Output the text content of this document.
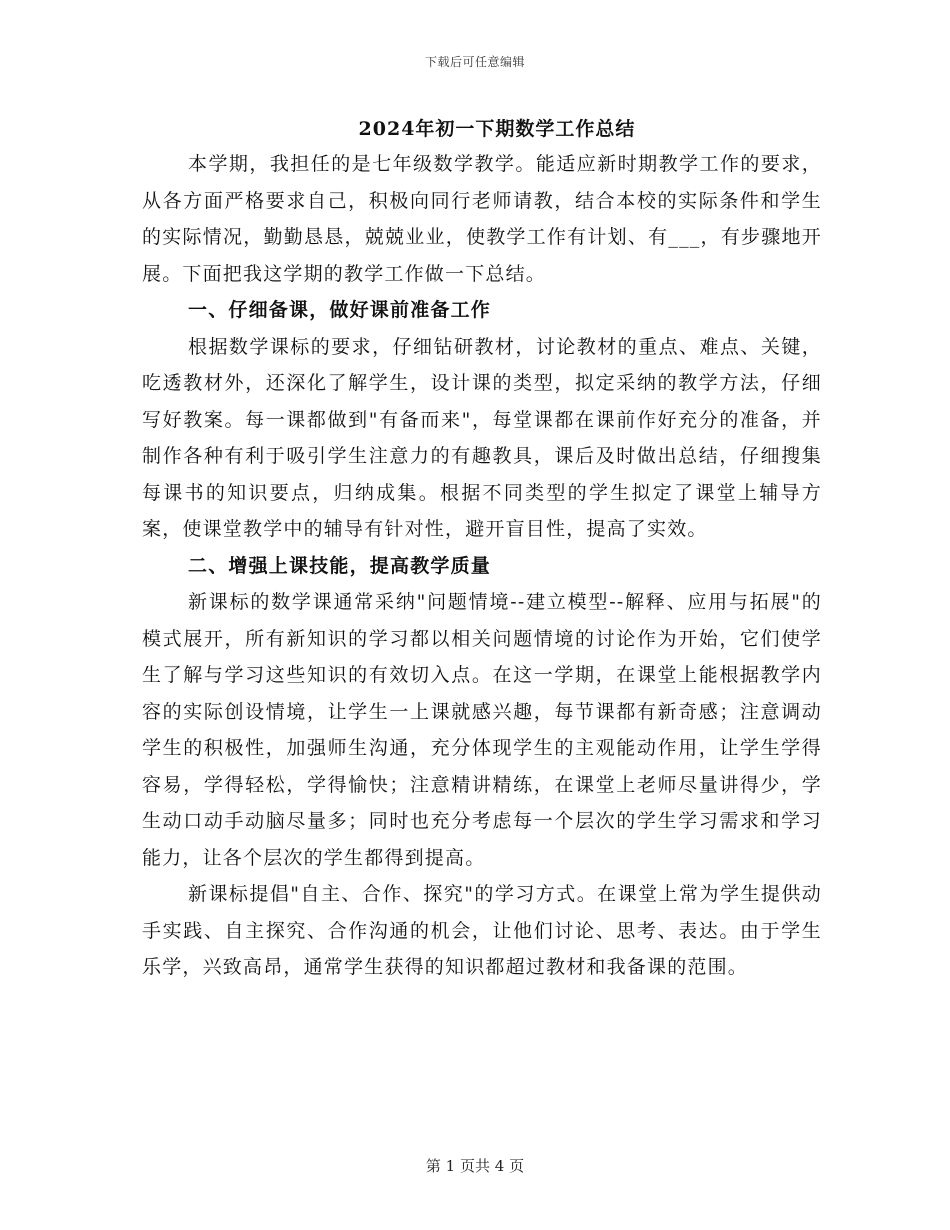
下载后可任意编辑
2024年初一下期数学工作总结

本学期，我担任的是七年级数学教学。能适应新时期教学工作的要求，从各方面严格要求自己，积极向同行老师请教，结合本校的实际条件和学生的实际情况，勤勤恳恳，兢兢业业，使教学工作有计划、有___，有步骤地开展。下面把我这学期的教学工作做一下总结。

一、仔细备课，做好课前准备工作

根据数学课标的要求，仔细钻研教材，讨论教材的重点、难点、关键，吃透教材外，还深化了解学生，设计课的类型，拟定采纳的教学方法，仔细写好教案。每一课都做到"有备而来"，每堂课都在课前作好充分的准备，并制作各种有利于吸引学生注意力的有趣教具，课后及时做出总结，仔细搜集每课书的知识要点，归纳成集。根据不同类型的学生拟定了课堂上辅导方案，使课堂教学中的辅导有针对性，避开盲目性，提高了实效。

二、增强上课技能，提高教学质量

新课标的数学课通常采纳"问题情境--建立模型--解释、应用与拓展"的模式展开，所有新知识的学习都以相关问题情境的讨论作为开始，它们使学生了解与学习这些知识的有效切入点。在这一学期，在课堂上能根据教学内容的实际创设情境，让学生一上课就感兴趣，每节课都有新奇感；注意调动学生的积极性，加强师生沟通，充分体现学生的主观能动作用，让学生学得容易，学得轻松，学得愉快；注意精讲精练，在课堂上老师尽量讲得少，学生动口动手动脑尽量多；同时也充分考虑每一个层次的学生学习需求和学习能力，让各个层次的学生都得到提高。

新课标提倡"自主、合作、探究"的学习方式。在课堂上常为学生提供动手实践、自主探究、合作沟通的机会，让他们讨论、思考、表达。由于学生乐学，兴致高昂，通常学生获得的知识都超过教材和我备课的范围。

第 1 页共 4 页
